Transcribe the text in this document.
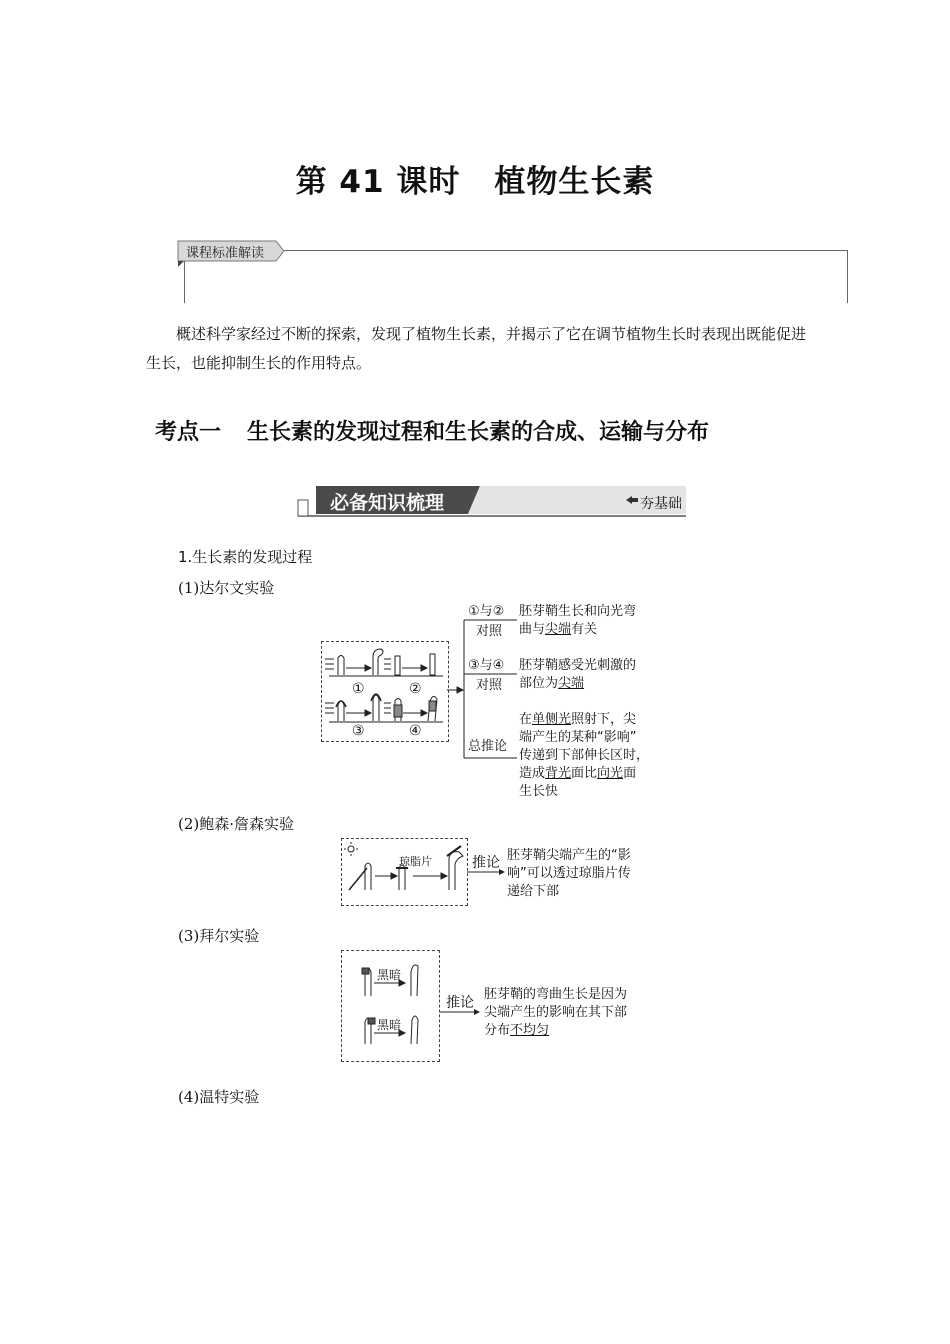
第 41 课时 植物生长素
课程标准解读
概述科学家经过不断的探索，发现了植物生长素，并揭示了它在调节植物生长时表现出既能促进生长，也能抑制生长的作用特点。
考点一 生长素的发现过程和生长素的合成、运输与分布
必备知识梳理	夯基础
1.生长素的发现过程
(1)达尔文实验
①	②
③	④
①与②
对照
胚芽鞘生长和向光弯
曲与尖端有关
③与④
对照
胚芽鞘感受光刺激的
部位为尖端
总推论
在单侧光照射下，尖
端产生的某种“影响”
传递到下部伸长区时，
造成背光面比向光面
生长快
(2)鲍森·詹森实验
琼脂片	推论 胚芽鞘尖端产生的“影
响”可以透过琼脂片传
递给下部
(3)拜尔实验
黑暗
黑暗
推论
胚芽鞘的弯曲生长是因为
尖端产生的影响在其下部
分布不均匀
(4)温特实验
